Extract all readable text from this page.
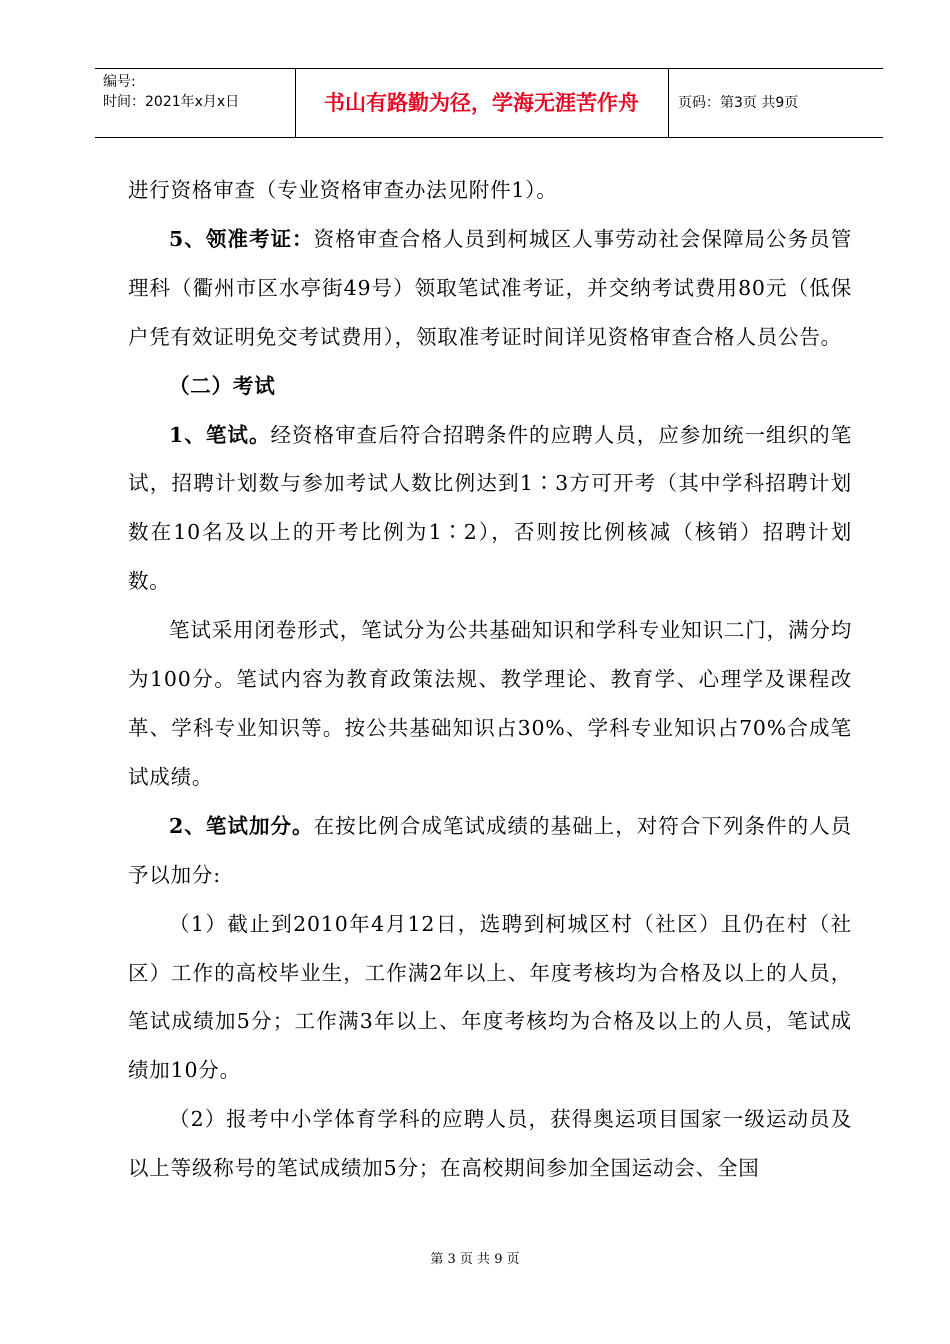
编号:
时间：2021年x月x日	书山有路勤为径，学海无涯苦作舟	页码：第3页 共9页

进行资格审查（专业资格审查办法见附件1）。

5、领准考证：资格审查合格人员到柯城区人事劳动社会保障局公务员管理科（衢州市区水亭街49号）领取笔试准考证，并交纳考试费用80元（低保户凭有效证明免交考试费用），领取准考证时间详见资格审查合格人员公告。

（二）考试

1、笔试。经资格审查后符合招聘条件的应聘人员，应参加统一组织的笔试，招聘计划数与参加考试人数比例达到1∶3方可开考（其中学科招聘计划数在10名及以上的开考比例为1∶2），否则按比例核减（核销）招聘计划数。

笔试采用闭卷形式，笔试分为公共基础知识和学科专业知识二门，满分均为100分。笔试内容为教育政策法规、教学理论、教育学、心理学及课程改革、学科专业知识等。按公共基础知识占30%、学科专业知识占70%合成笔试成绩。

2、笔试加分。在按比例合成笔试成绩的基础上，对符合下列条件的人员予以加分:

（1）截止到2010年4月12日，选聘到柯城区村（社区）且仍在村（社区）工作的高校毕业生，工作满2年以上、年度考核均为合格及以上的人员，笔试成绩加5分；工作满3年以上、年度考核均为合格及以上的人员，笔试成绩加10分。

（2）报考中小学体育学科的应聘人员，获得奥运项目国家一级运动员及以上等级称号的笔试成绩加5分；在高校期间参加全国运动会、全国

第 3 页 共 9 页
